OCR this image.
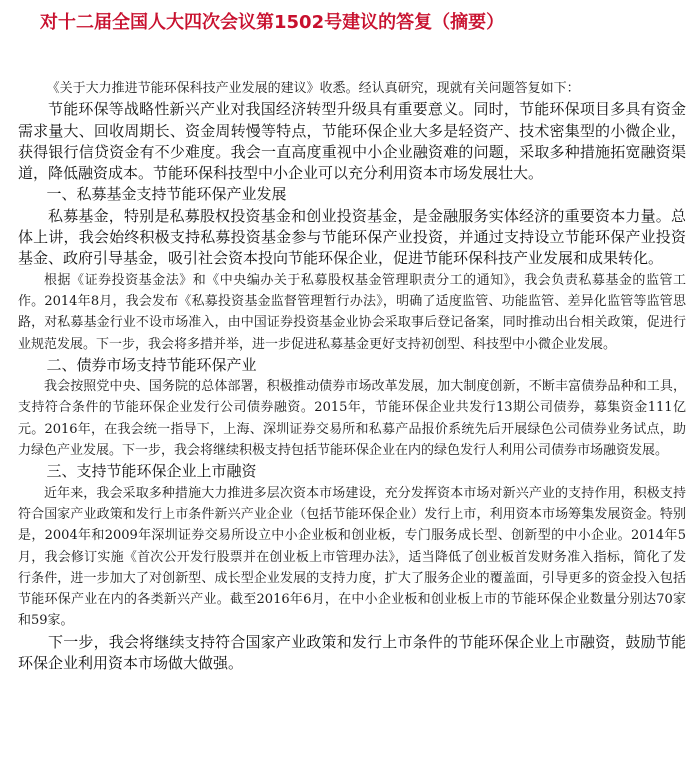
对十二届全国人大四次会议第1502号建议的答复（摘要）

《关于大力推进节能环保科技产业发展的建议》收悉。经认真研究，现就有关问题答复如下：

节能环保等战略性新兴产业对我国经济转型升级具有重要意义。同时，节能环保项目多具有资金需求量大、回收周期长、资金周转慢等特点，节能环保企业大多是轻资产、技术密集型的小微企业，获得银行信贷资金有不少难度。我会一直高度重视中小企业融资难的问题，采取多种措施拓宽融资渠道，降低融资成本。节能环保科技型中小企业可以充分利用资本市场发展壮大。

一、私募基金支持节能环保产业发展

私募基金，特别是私募股权投资基金和创业投资基金，是金融服务实体经济的重要资本力量。总体上讲，我会始终积极支持私募投资基金参与节能环保产业投资，并通过支持设立节能环保产业投资基金、政府引导基金，吸引社会资本投向节能环保企业，促进节能环保科技产业发展和成果转化。

根据《证券投资基金法》和《中央编办关于私募股权基金管理职责分工的通知》，我会负责私募基金的监管工作。2014年8月，我会发布《私募投资基金监督管理暂行办法》，明确了适度监管、功能监管、差异化监管等监管思路，对私募基金行业不设市场准入，由中国证券投资基金业协会采取事后登记备案，同时推动出台相关政策，促进行业规范发展。下一步，我会将多措并举，进一步促进私募基金更好支持初创型、科技型中小微企业发展。

二、债券市场支持节能环保产业

我会按照党中央、国务院的总体部署，积极推动债券市场改革发展，加大制度创新，不断丰富债券品种和工具，支持符合条件的节能环保企业发行公司债券融资。2015年，节能环保企业共发行13期公司债券，募集资金111亿元。2016年，在我会统一指导下，上海、深圳证券交易所和私募产品报价系统先后开展绿色公司债券业务试点，助力绿色产业发展。下一步，我会将继续积极支持包括节能环保企业在内的绿色发行人利用公司债券市场融资发展。

三、支持节能环保企业上市融资

近年来，我会采取多种措施大力推进多层次资本市场建设，充分发挥资本市场对新兴产业的支持作用，积极支持符合国家产业政策和发行上市条件新兴产业企业（包括节能环保企业）发行上市，利用资本市场筹集发展资金。特别是，2004年和2009年深圳证券交易所设立中小企业板和创业板，专门服务成长型、创新型的中小企业。2014年5月，我会修订实施《首次公开发行股票并在创业板上市管理办法》，适当降低了创业板首发财务准入指标，简化了发行条件，进一步加大了对创新型、成长型企业发展的支持力度，扩大了服务企业的覆盖面，引导更多的资金投入包括节能环保产业在内的各类新兴产业。截至2016年6月，在中小企业板和创业板上市的节能环保企业数量分别达70家和59家。

下一步，我会将继续支持符合国家产业政策和发行上市条件的节能环保企业上市融资，鼓励节能环保企业利用资本市场做大做强。
